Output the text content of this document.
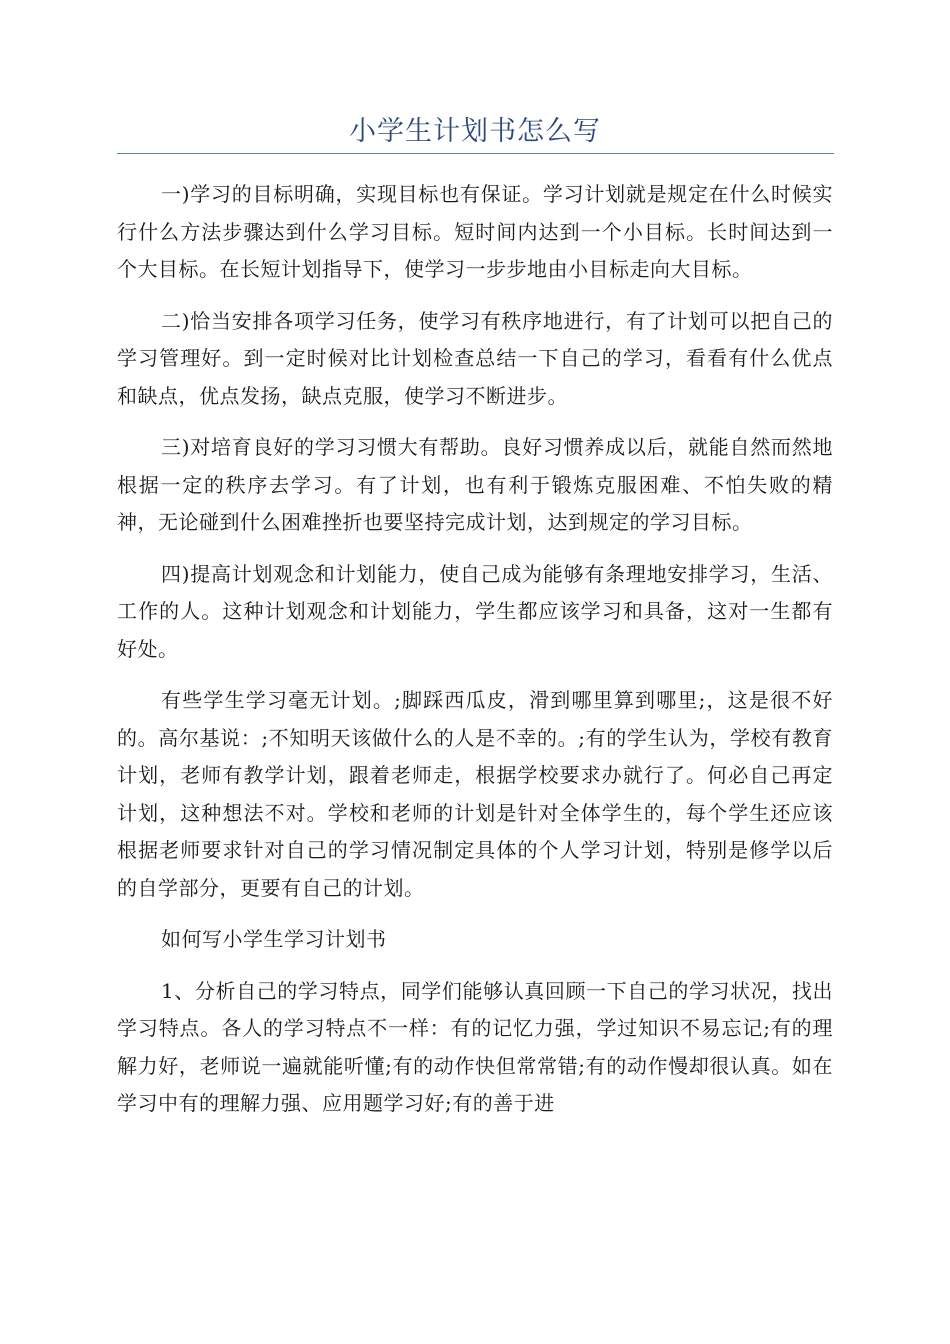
小学生计划书怎么写

一)学习的目标明确，实现目标也有保证。学习计划就是规定在什么时候实行什么方法步骤达到什么学习目标。短时间内达到一个小目标。长时间达到一个大目标。在长短计划指导下，使学习一步步地由小目标走向大目标。

二)恰当安排各项学习任务，使学习有秩序地进行，有了计划可以把自己的学习管理好。到一定时候对比计划检查总结一下自己的学习，看看有什么优点和缺点，优点发扬，缺点克服，使学习不断进步。

三)对培育良好的学习习惯大有帮助。良好习惯养成以后，就能自然而然地根据一定的秩序去学习。有了计划，也有利于锻炼克服困难、不怕失败的精神，无论碰到什么困难挫折也要坚持完成计划，达到规定的学习目标。

四)提高计划观念和计划能力，使自己成为能够有条理地安排学习，生活、工作的人。这种计划观念和计划能力，学生都应该学习和具备，这对一生都有好处。

有些学生学习毫无计划。;脚踩西瓜皮，滑到哪里算到哪里;，这是很不好的。高尔基说：;不知明天该做什么的人是不幸的。;有的学生认为，学校有教育计划，老师有教学计划，跟着老师走，根据学校要求办就行了。何必自己再定计划，这种想法不对。学校和老师的计划是针对全体学生的，每个学生还应该根据老师要求针对自己的学习情况制定具体的个人学习计划，特别是修学以后的自学部分，更要有自己的计划。

如何写小学生学习计划书

1、分析自己的学习特点，同学们能够认真回顾一下自己的学习状况，找出学习特点。各人的学习特点不一样：有的记忆力强，学过知识不易忘记;有的理解力好，老师说一遍就能听懂;有的动作快但常常错;有的动作慢却很认真。如在学习中有的理解力强、应用题学习好;有的善于进
